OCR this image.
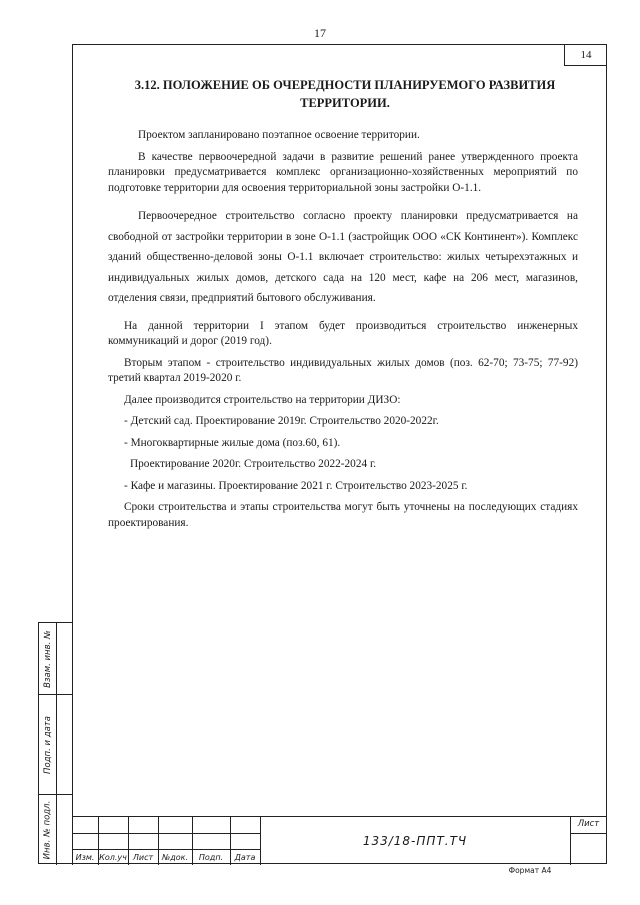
17
14
3.12. ПОЛОЖЕНИЕ ОБ ОЧЕРЕДНОСТИ ПЛАНИРУЕМОГО РАЗВИТИЯ
ТЕРРИТОРИИ.

Проектом запланировано поэтапное освоение территории.

В качестве первоочередной задачи в развитие решений ранее утвержденного проекта планировки предусматривается комплекс организационно-хозяйственных мероприятий по подготовке территории для освоения территориальной зоны застройки О-1.1.

Первоочередное строительство согласно проекту планировки предусматривается на свободной от застройки территории в зоне О-1.1 (застройщик ООО «СК Континент»). Комплекс зданий общественно-деловой зоны О-1.1 включает строительство: жилых четырехэтажных и индивидуальных жилых домов, детского сада на 120 мест, кафе на 206 мест, магазинов, отделения связи, предприятий бытового обслуживания.

На данной территории I этапом будет производиться строительство инженерных коммуникаций и дорог (2019 год).

Вторым этапом - строительство индивидуальных жилых домов (поз. 62-70; 73-75; 77-92) третий квартал 2019-2020 г.

Далее производится строительство на территории ДИЗО:

- Детский сад. Проектирование 2019г. Строительство 2020-2022г.

- Многоквартирные жилые дома (поз.60, 61).

Проектирование 2020г. Строительство 2022-2024 г.

- Кафе и магазины. Проектирование 2021 г. Строительство 2023-2025 г.

Сроки строительства и этапы строительства могут быть уточнены на последующих стадиях проектирования.

Взам. инв. №
Подп. и дата
Инв. № подл.	Изм. Кол.уч Лист	№док.	Подп.	Дата
133/18-ППТ.ТЧ
Лист
Формат А4
